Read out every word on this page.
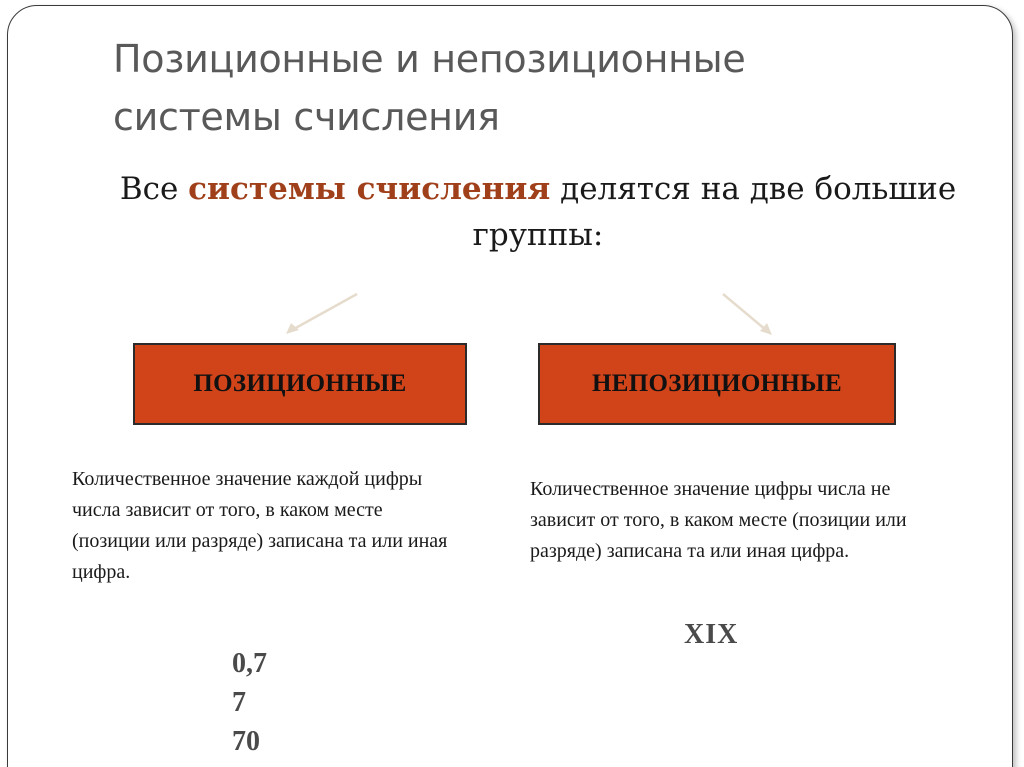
Позиционные и непозиционные
системы счисления

Все системы счисления делятся на две большие группы:

ПОЗИЦИОННЫЕ	НЕПОЗИЦИОННЫЕ

Количественное значение каждой цифры числа зависит от того, в каком месте (позиции или разряде) записана та или иная цифра.

Количественное значение цифры числа не зависит от того, в каком месте (позиции или разряде) записана та или иная цифра.

0,7
7
70
XIX
